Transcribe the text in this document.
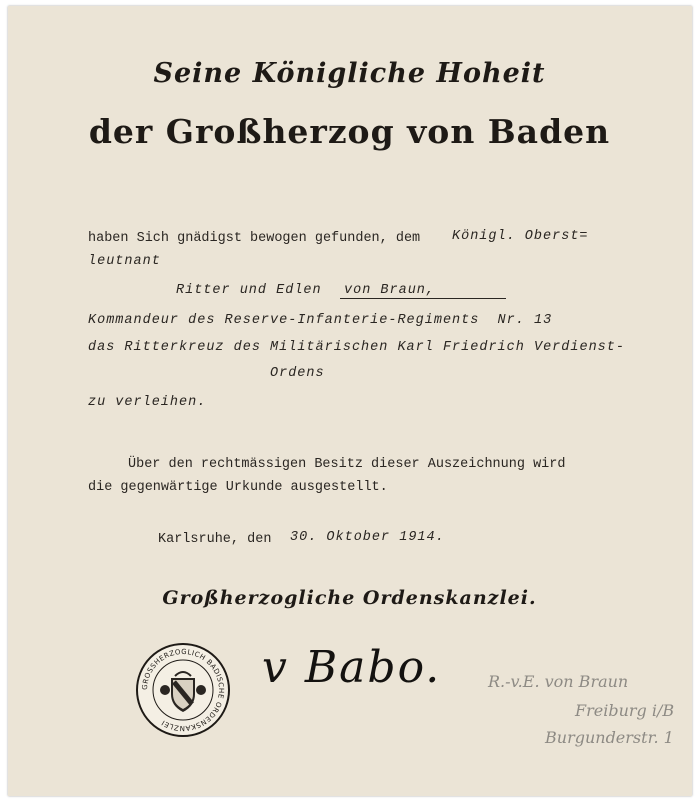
Seine Königliche Hoheit
der Großherzog von Baden
haben Sich gnädigst bewogen gefunden, dem Königl. Oberst=
leutnant
Ritter und Edlen von Braun,
Kommandeur des Reserve-Infanterie-Regiments  Nr. 13
das Ritterkreuz des Militärischen Karl Friedrich Verdienst-
Ordens
zu verleihen.
Über den rechtmässigen Besitz dieser Auszeichnung wird
die gegenwärtige Urkunde ausgestellt.
Karlsruhe, den 30. Oktober 1914.
Großherzogliche Ordenskanzlei.
GROSSHERZOGLICH BADISCHE ORDENSKANZLEI
v Babo.	R.-v.E. von Braun
Freiburg i/B
Burgunderstr. 1
